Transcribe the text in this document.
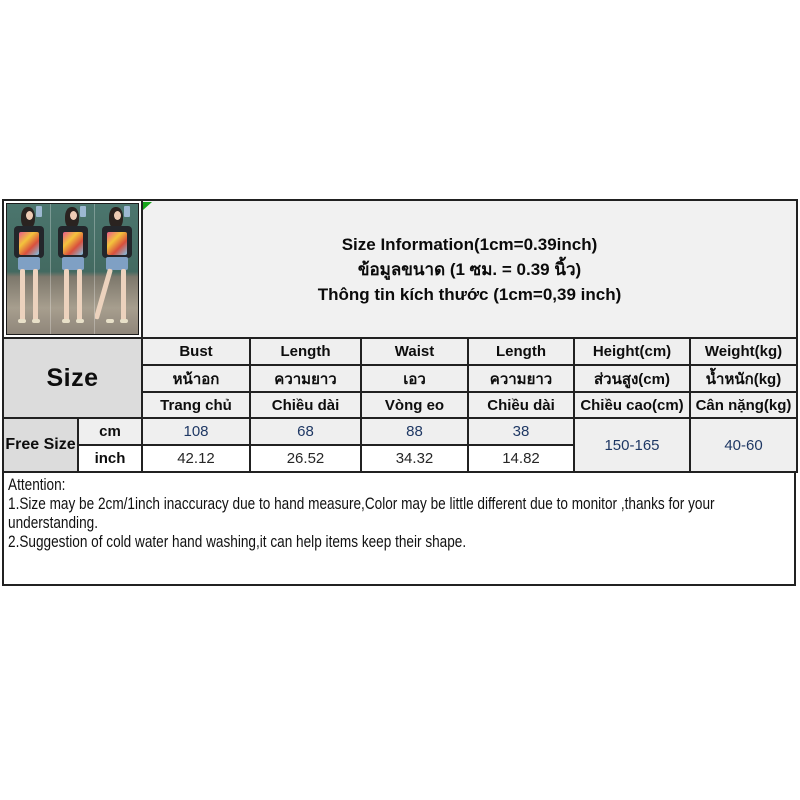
		Size Information(1cm=0.39inch)
ข้อมูลขนาด (1 ซม. = 0.39 นิ้ว)
Thông tin kích thước (1cm=0,39 inch)					

Size		Bust	Length	Waist	Length	Height(cm)	Weight(kg)
		หน้าอก	ความยาว	เอว	ความยาว	ส่วนสูง(cm)	น้ำหนัก(kg)
		Trang chủ	Chiều dài	Vòng eo	Chiều dài	Chiều cao(cm)	Cân nặng(kg)
Free Size	cm	108	68	88	38	150-165	40-60
	inch	42.12	26.52	34.32	14.82		
Attention:
1.Size may be 2cm/1inch inaccuracy due to hand measure,Color may be little different due to monitor ,thanks for your
understanding.
2.Suggestion of cold water hand washing,it can help items keep their shape.
